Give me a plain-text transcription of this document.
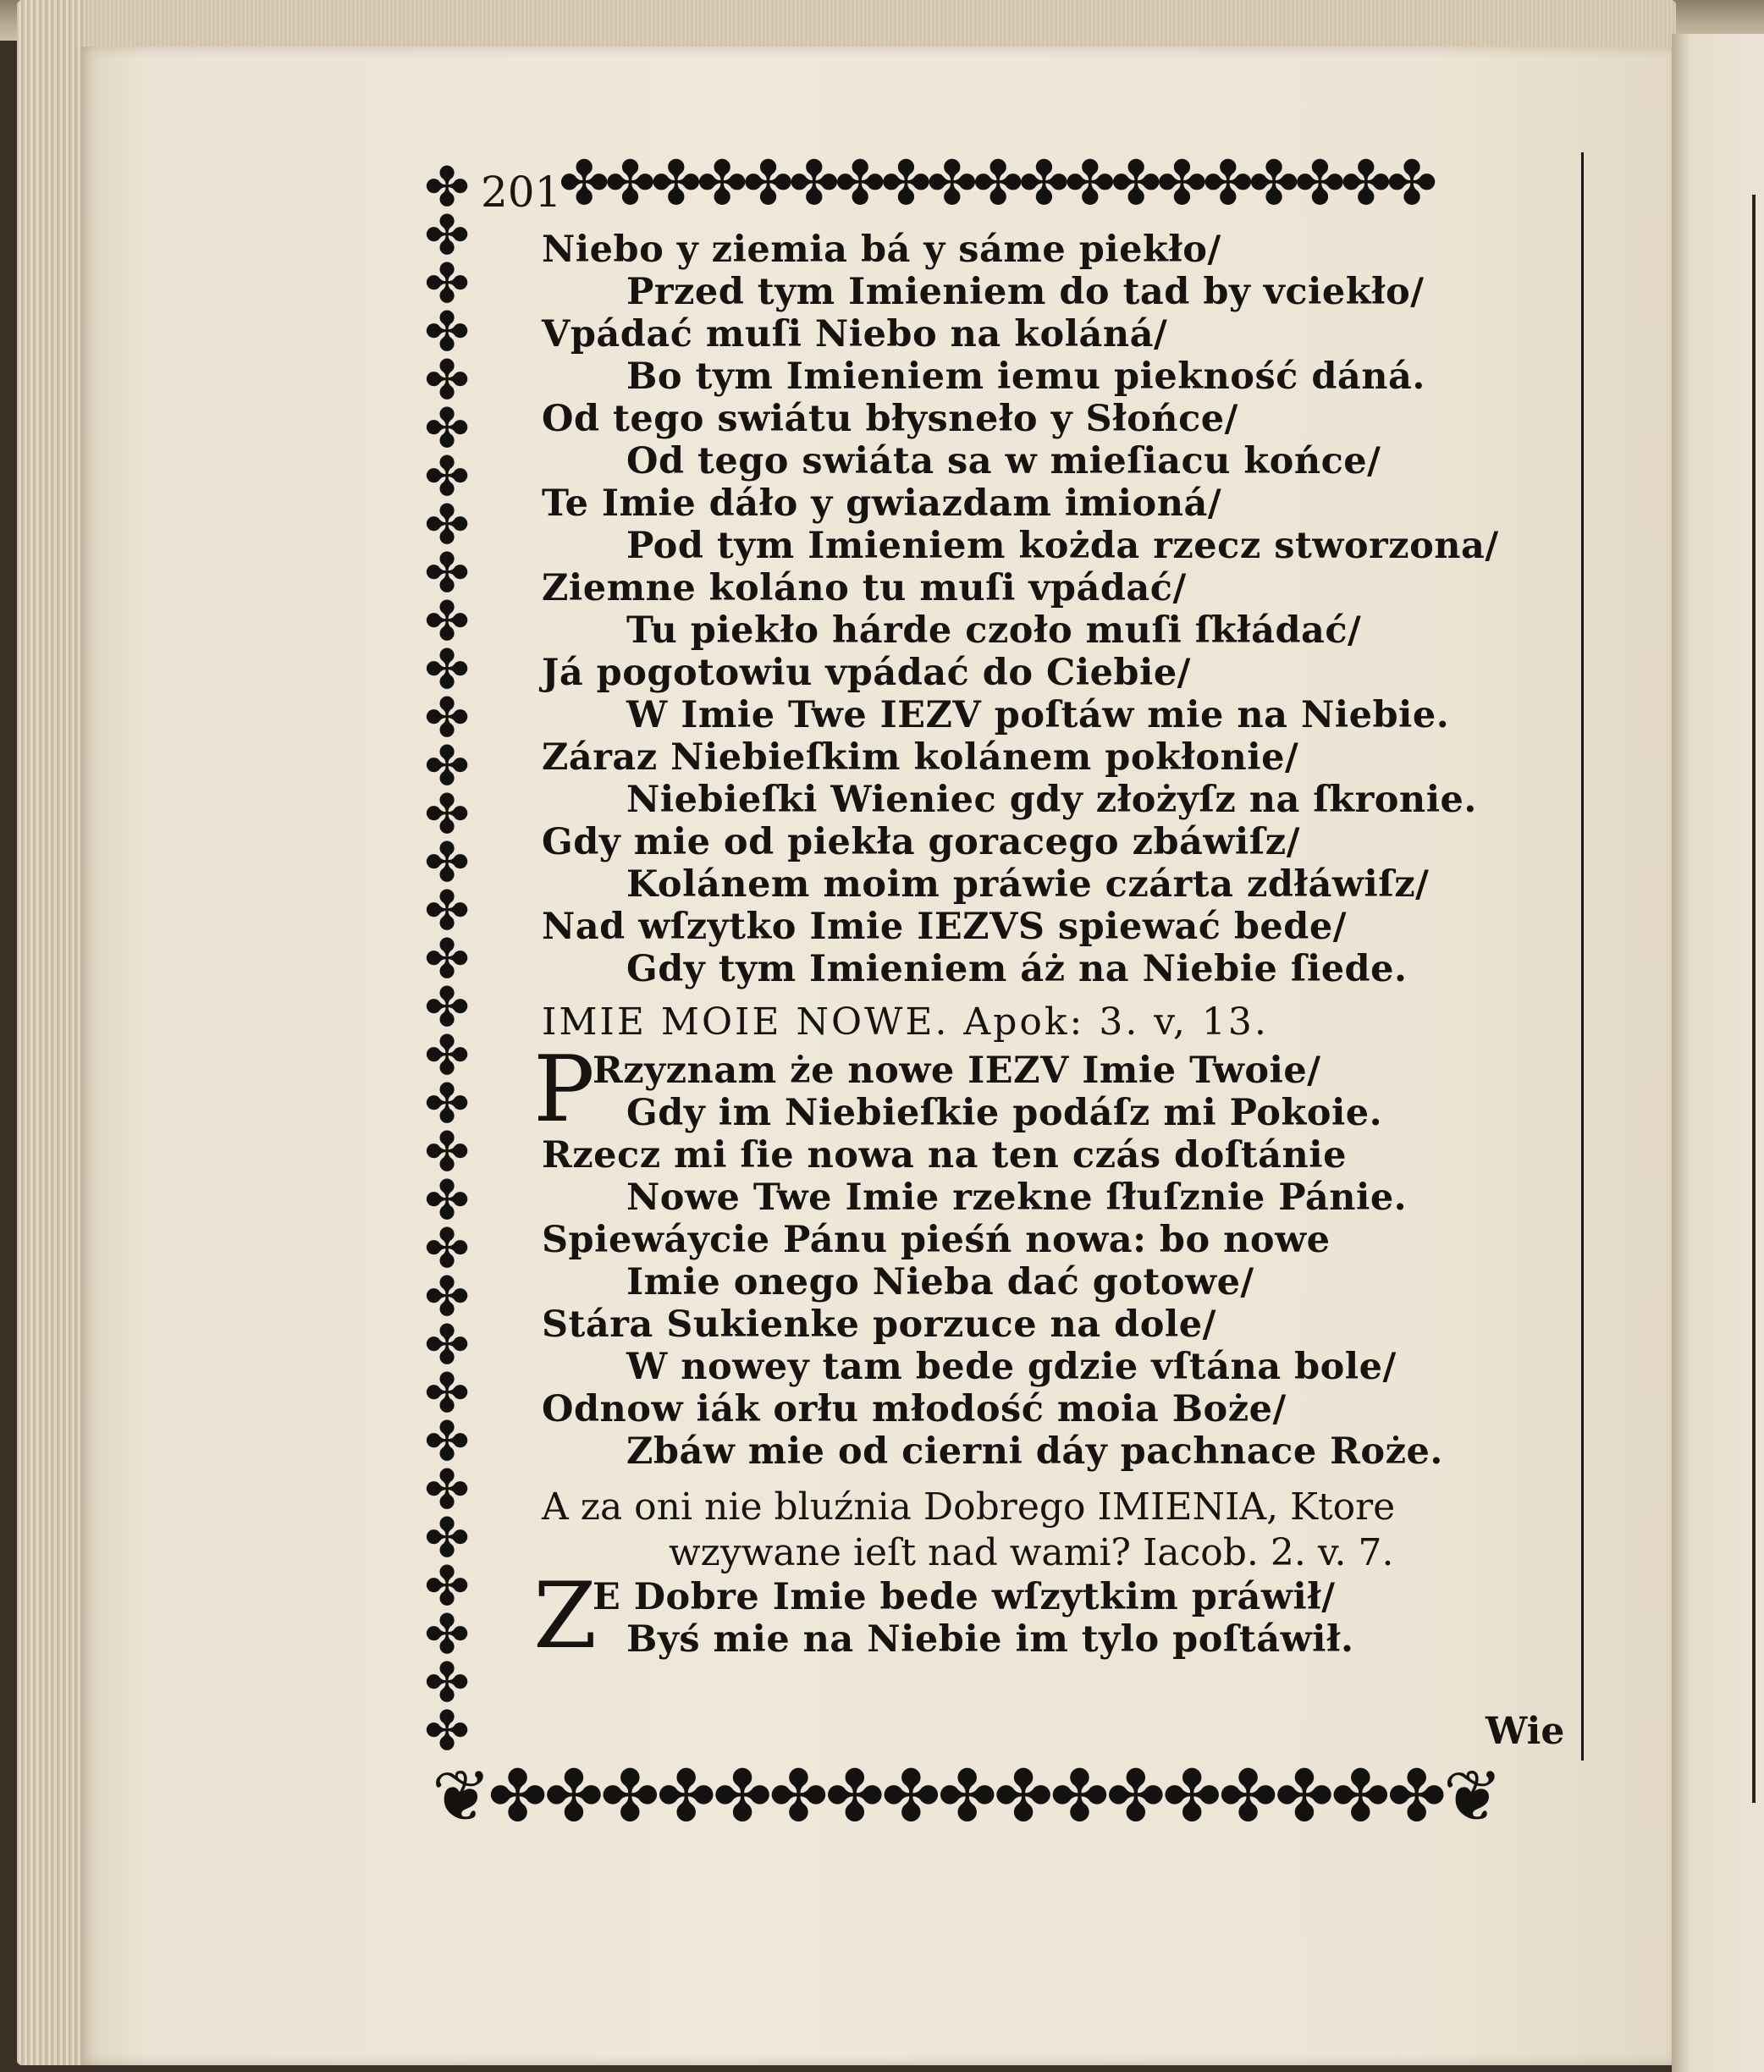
✤✤✤✤✤✤✤✤✤✤✤✤✤✤✤✤✤✤✤
✤
✤
✤
✤
✤
✤
✤
✤
✤
✤
✤
✤
✤
✤
✤
✤
✤
✤
✤
✤
✤
✤
✤
✤
✤
✤
✤
✤
✤
✤
✤
✤
✤
❦✤✤✤✤✤✤✤✤✤✤✤✤✤✤✤✤✤❦
201
Niebo y ziemia bá y sáme piekło/
Przed tym Imieniem do tad by vciekło/
Vpádać muſi Niebo na koláná/
Bo tym Imieniem iemu piekność dáná.
Od tego swiátu błysneło y Słońce/
Od tego swiáta sa w mieſiacu końce/
Te Imie dáło y gwiazdam imioná/
Pod tym Imieniem kożda rzecz stworzona/
Ziemne koláno tu muſi vpádać/
Tu piekło hárde czoło muſi ſkłádać/
Já pogotowiu vpádać do Ciebie/
W Imie Twe IEZV poſtáw mie na Niebie.
Záraz Niebieſkim kolánem pokłonie/
Niebieſki Wieniec gdy złożyſz na ſkronie.
Gdy mie od piekła goracego zbáwiſz/
Kolánem moim práwie czárta zdłáwiſz/
Nad wſzytko Imie IEZVS spiewać bede/
Gdy tym Imieniem áż na Niebie ſiede.
IMIE MOIE NOWE. Apok: 3. v, 13.
P
Rzyznam że nowe IEZV Imie Twoie/
Gdy im Niebieſkie podáſz mi Pokoie.
Rzecz mi ſie nowa na ten czás doſtánie
Nowe Twe Imie rzekne ſłuſznie Pánie.
Spiewáycie Pánu pieśń nowa: bo nowe
Imie onego Nieba dać gotowe/
Stára Sukienke porzuce na dole/
W nowey tam bede gdzie vſtána bole/
Odnow iák orłu młodość moia Boże/
Zbáw mie od cierni dáy pachnace Roże.
A za oni nie bluźnia Dobrego IMIENIA, Ktore
wzywane ieſt nad wami? Iacob. 2. v. 7.
Z
E Dobre Imie bede wſzytkim práwił/
Byś mie na Niebie im tylo poſtáwił.
Wie
